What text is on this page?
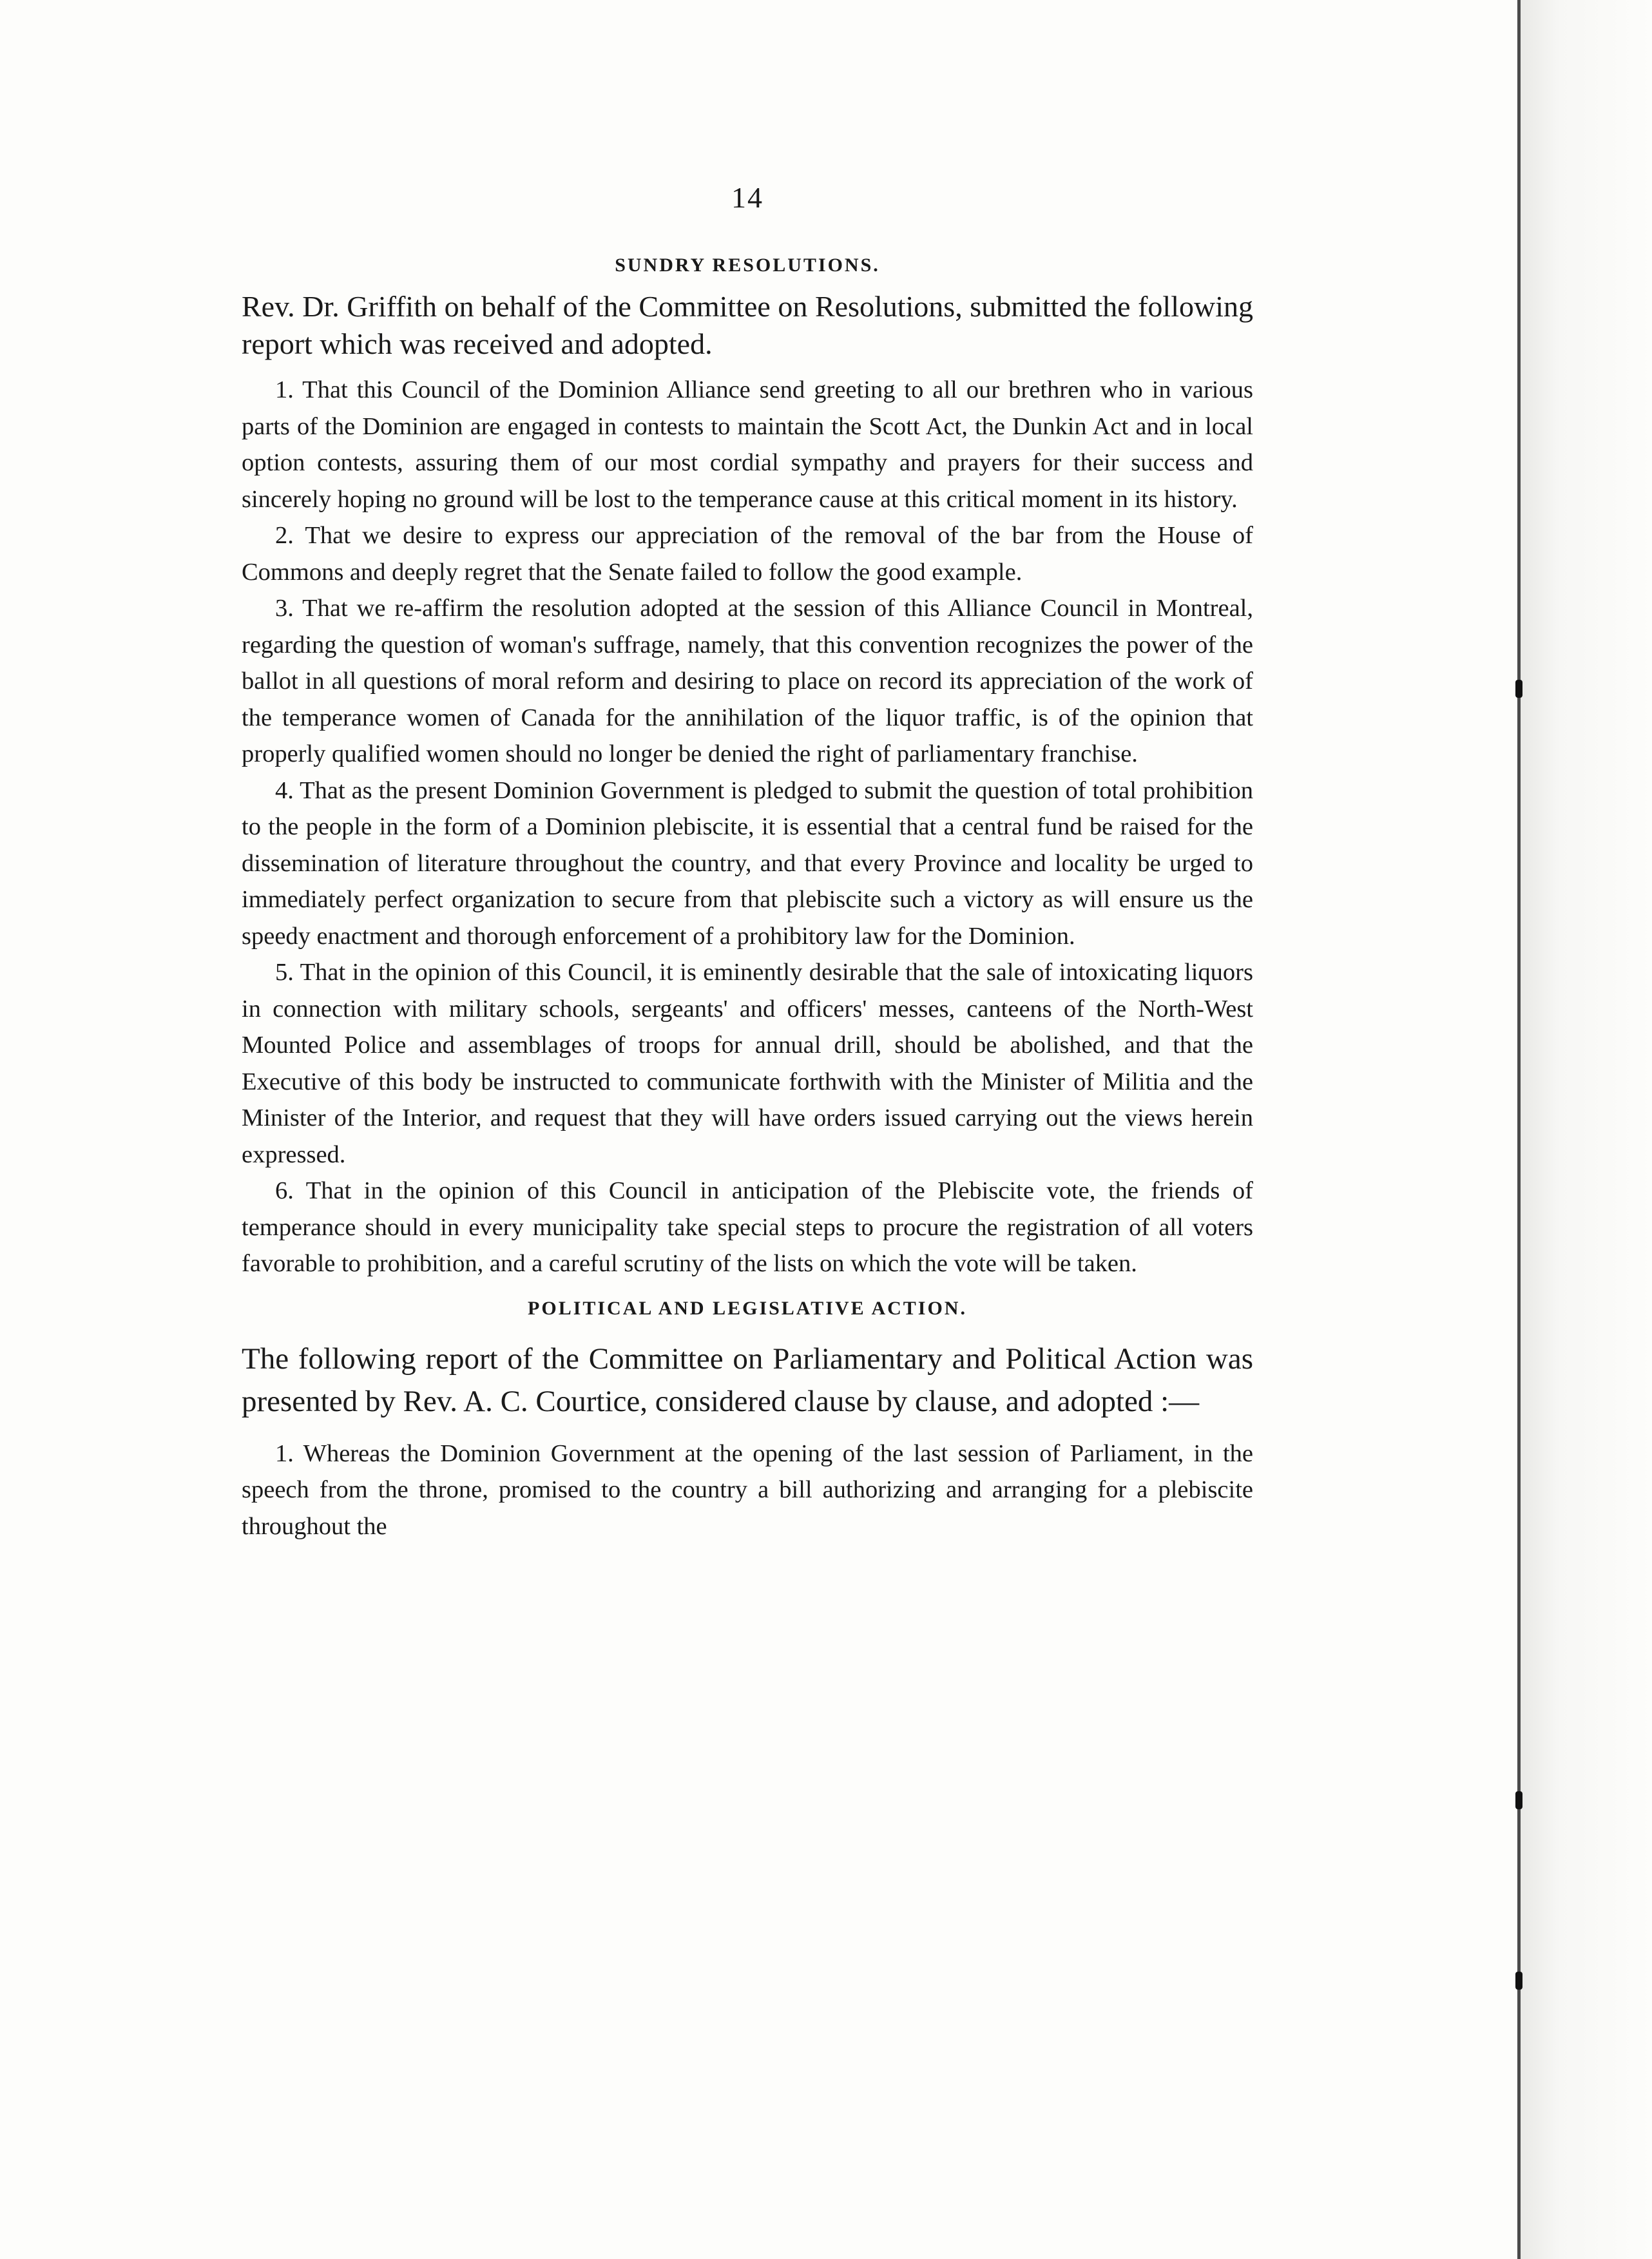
14
SUNDRY RESOLUTIONS.

Rev. Dr. Griffith on behalf of the Committee on Resolutions, submitted the following report which was received and adopted.

1. That this Council of the Dominion Alliance send greeting to all our brethren who in various parts of the Dominion are engaged in contests to maintain the Scott Act, the Dunkin Act and in local option contests, assuring them of our most cordial sympathy and prayers for their success and sincerely hoping no ground will be lost to the temperance cause at this critical moment in its history.

2. That we desire to express our appreciation of the removal of the bar from the House of Commons and deeply regret that the Senate failed to follow the good example.

3. That we re-affirm the resolution adopted at the session of this Alliance Council in Montreal, regarding the question of woman's suffrage, namely, that this convention recognizes the power of the ballot in all questions of moral reform and desiring to place on record its appreciation of the work of the temperance women of Canada for the annihilation of the liquor traffic, is of the opinion that properly qualified women should no longer be denied the right of parliamentary franchise.

4. That as the present Dominion Government is pledged to submit the question of total prohibition to the people in the form of a Dominion plebiscite, it is essential that a central fund be raised for the dissemination of literature throughout the country, and that every Province and locality be urged to immediately perfect organization to secure from that plebiscite such a victory as will ensure us the speedy enactment and thorough enforcement of a prohibitory law for the Dominion.

5. That in the opinion of this Council, it is eminently desirable that the sale of intoxicating liquors in connection with military schools, sergeants' and officers' messes, canteens of the North-West Mounted Police and assemblages of troops for annual drill, should be abolished, and that the Executive of this body be instructed to communicate forthwith with the Minister of Militia and the Minister of the Interior, and request that they will have orders issued carrying out the views herein expressed.

6. That in the opinion of this Council in anticipation of the Plebiscite vote, the friends of temperance should in every municipality take special steps to procure the registration of all voters favorable to prohibition, and a careful scrutiny of the lists on which the vote will be taken.

POLITICAL AND LEGISLATIVE ACTION.

The following report of the Committee on Parliamentary and Political Action was presented by Rev. A. C. Courtice, considered clause by clause, and adopted :—

1. Whereas the Dominion Government at the opening of the last session of Parliament, in the speech from the throne, promised to the country a bill authorizing and arranging for a plebiscite throughout the
